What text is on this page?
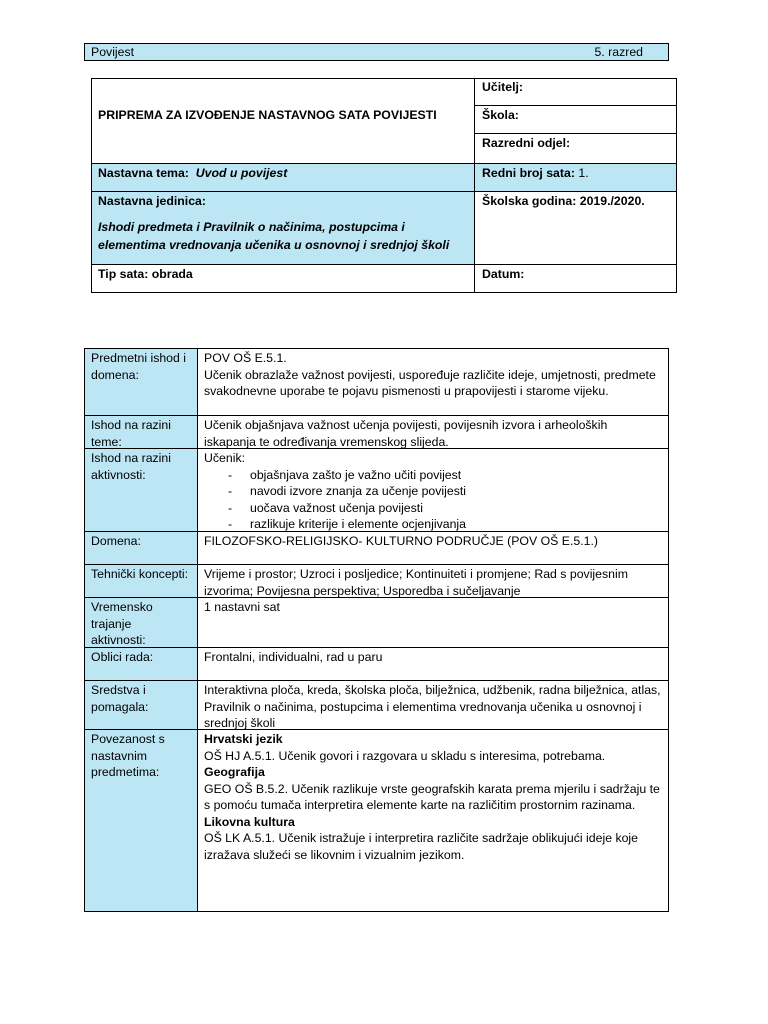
Povijest	5. razred
PRIPREMA ZA IZVOĐENJE NASTAVNOG SATA POVIJESTI
Učitelj:
Škola:
Razredni odjel:
Nastavna tema: Uvod u povijest	Redni broj sata: 1.
Nastavna jedinica:
Ishodi predmeta i Pravilnik o načinima, postupcima i elementima vrednovanja učenika u osnovnoj i srednjoj školi
Školska godina: 2019./2020.
Tip sata: obrada	Datum:
Predmetni ishod i domena:
POV OŠ E.5.1.
Učenik obrazlaže važnost povijesti, uspoređuje različite ideje, umjetnosti, predmete svakodnevne uporabe te pojavu pismenosti u prapovijesti i starome vijeku.
Ishod na razini teme:
Učenik objašnjava važnost učenja povijesti, povijesnih izvora i arheoloških iskapanja te određivanja vremenskog slijeda.
Ishod na razini aktivnosti:
Učenik:
- objašnjava zašto je važno učiti povijest
- navodi izvore znanja za učenje povijesti
- uočava važnost učenja povijesti
- razlikuje kriterije i elemente ocjenjivanja
Domena:	FILOZOFSKO-RELIGIJSKO- KULTURNO PODRUČJE (POV OŠ E.5.1.)
Tehnički koncepti:	Vrijeme i prostor; Uzroci i posljedice; Kontinuiteti i promjene; Rad s povijesnim izvorima; Povijesna perspektiva; Usporedba i sučeljavanje
Vremensko trajanje aktivnosti:
1 nastavni sat
Oblici rada:	Frontalni, individualni, rad u paru
Sredstva i pomagala:
Interaktivna ploča, kreda, školska ploča, bilježnica, udžbenik, radna bilježnica, atlas, Pravilnik o načinima, postupcima i elementima vrednovanja učenika u osnovnoj i srednjoj školi
Povezanost s nastavnim predmetima:
Hrvatski jezik
OŠ HJ A.5.1. Učenik govori i razgovara u skladu s interesima, potrebama.
Geografija
GEO OŠ B.5.2. Učenik razlikuje vrste geografskih karata prema mjerilu i sadržaju te s pomoću tumača interpretira elemente karte na različitim prostornim razinama.
Likovna kultura
OŠ LK A.5.1. Učenik istražuje i interpretira različite sadržaje oblikujući ideje koje izražava služeći se likovnim i vizualnim jezikom.
